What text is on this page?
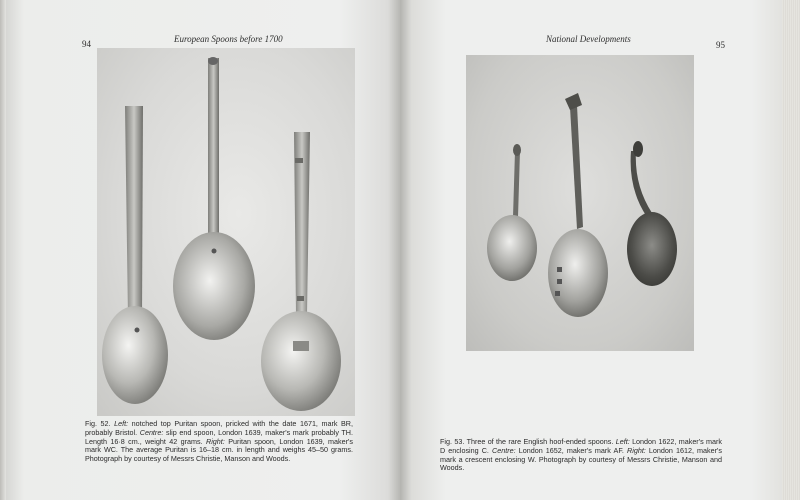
94	European Spoons before 1700
Fig. 52. Left: notched top Puritan spoon, pricked with the date 1671, mark BR, probably Bristol. Centre: slip end spoon, London 1639, maker's mark probably TH. Length 16·8 cm., weight 42 grams. Right: Puritan spoon, London 1639, maker's mark WC. The average Puritan is 16–18 cm. in length and weighs 45–50 grams. Photograph by courtesy of Messrs Christie, Manson and Woods.
National Developments
95
Fig. 53. Three of the rare English hoof-ended spoons. Left: London 1622, maker's mark D enclosing C. Centre: London 1652, maker's mark AF. Right: London 1612, maker's mark a crescent enclosing W. Photograph by courtesy of Messrs Christie, Manson and Woods.
